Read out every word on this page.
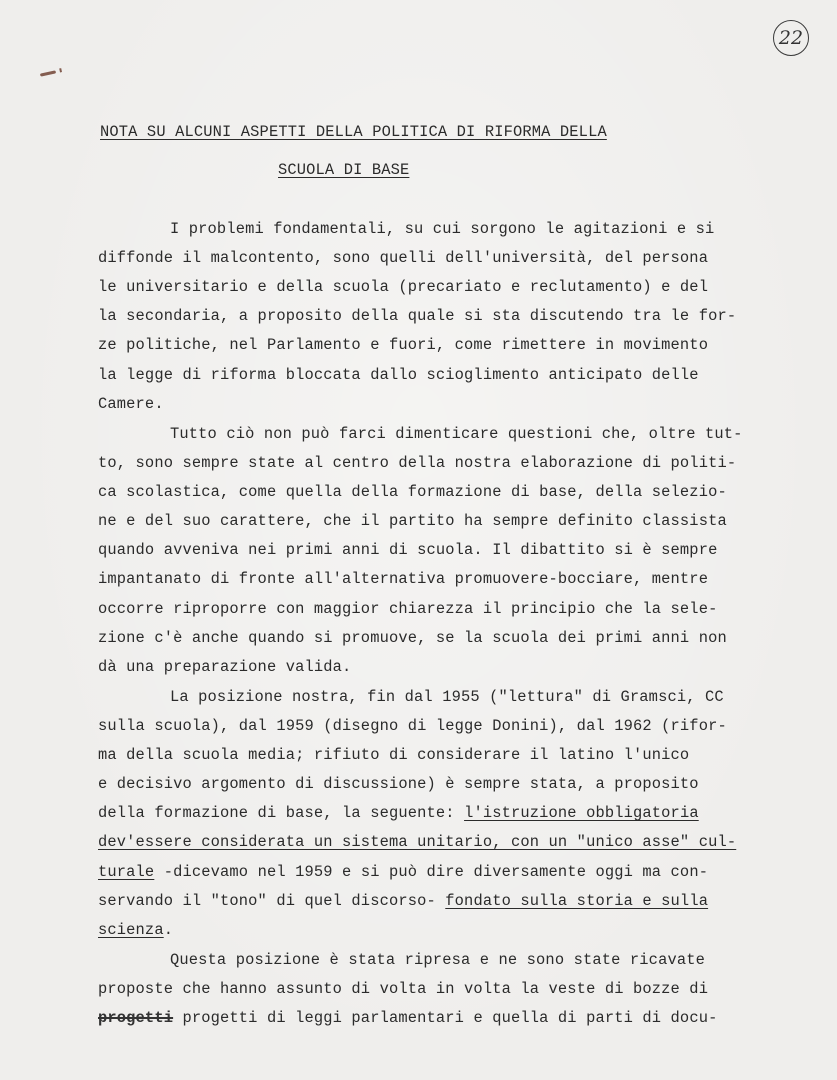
22
NOTA SU ALCUNI ASPETTI DELLA POLITICA DI RIFORMA DELLA
SCUOLA DI BASE
I problemi fondamentali, su cui sorgono le agitazioni e si
diffonde il malcontento, sono quelli dell'università, del persona
le universitario e della scuola (precariato e reclutamento) e del
la secondaria, a proposito della quale si sta discutendo tra le for-
ze politiche, nel Parlamento e fuori, come rimettere in movimento
la legge di riforma bloccata dallo scioglimento anticipato delle
Camere.
Tutto ciò non può farci dimenticare questioni che, oltre tut-
to, sono sempre state al centro della nostra elaborazione di politi-
ca scolastica, come quella della formazione di base, della selezio-
ne e del suo carattere, che il partito ha sempre definito classista
quando avveniva nei primi anni di scuola. Il dibattito si è sempre
impantanato di fronte all'alternativa promuovere-bocciare, mentre
occorre riproporre con maggior chiarezza il principio che la sele-
zione c'è anche quando si promuove, se la scuola dei primi anni non
dà una preparazione valida.
La posizione nostra, fin dal 1955 ("lettura" di Gramsci, CC
sulla scuola), dal 1959 (disegno di legge Donini), dal 1962 (rifor-
ma della scuola media; rifiuto di considerare il latino l'unico
e decisivo argomento di discussione) è sempre stata, a proposito
della formazione di base, la seguente: l'istruzione obbligatoria
dev'essere considerata un sistema unitario, con un "unico asse" cul-
turale -dicevamo nel 1959 e si può dire diversamente oggi ma con-
servando il "tono" di quel discorso- fondato sulla storia e sulla
scienza.
Questa posizione è stata ripresa e ne sono state ricavate
proposte che hanno assunto di volta in volta la veste di bozze di
progetti progetti di leggi parlamentari e quella di parti di docu-
